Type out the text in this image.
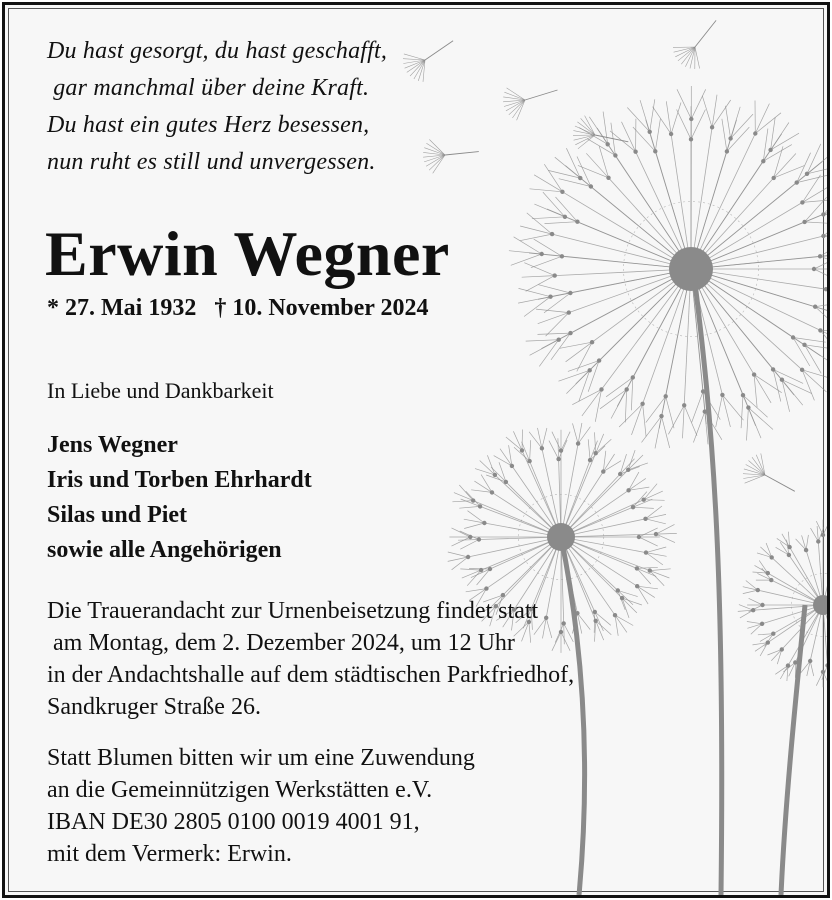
Du hast gesorgt, du hast geschafft,
gar manchmal über deine Kraft.
Du hast ein gutes Herz besessen,
nun ruht es still und unvergessen.
Erwin Wegner
* 27. Mai 1932 † 10. November 2024
In Liebe und Dankbarkeit
Jens Wegner
Iris und Torben Ehrhardt
Silas und Piet
sowie alle Angehörigen
Die Trauerandacht zur Urnenbeisetzung findet statt
am Montag, dem 2. Dezember 2024, um 12 Uhr
in der Andachtshalle auf dem städtischen Parkfriedhof,
Sandkruger Straße 26.
Statt Blumen bitten wir um eine Zuwendung
an die Gemeinnützigen Werkstätten e.V.
IBAN DE30 2805 0100 0019 4001 91,
mit dem Vermerk: Erwin.
